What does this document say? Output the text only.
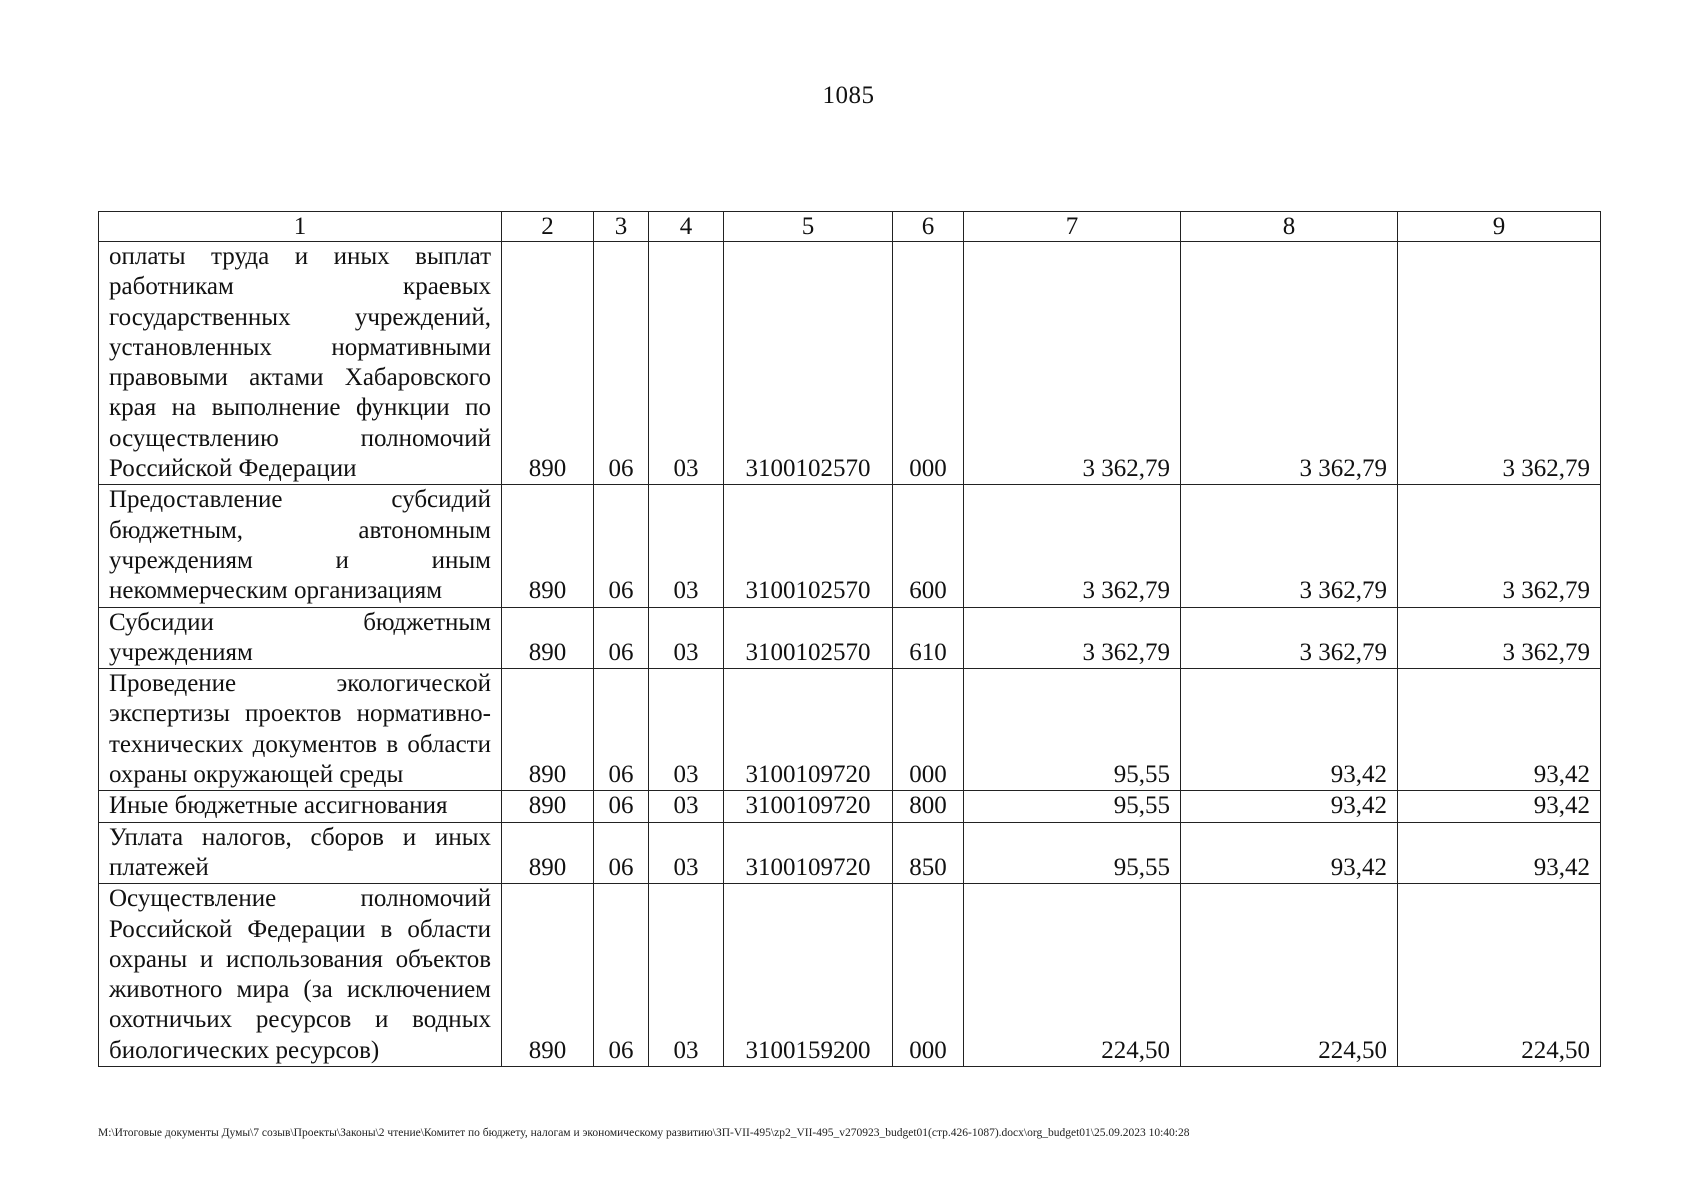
1085
1	2	3	4	5	6	7	8	9
оплаты труда и иных выплат работникам краевых государственных учреждений, установленных нормативными правовыми актами Хабаровского края на выполнение функции по осуществлению полномочий Российской Федерации	890	06	03	3100102570	000	3 362,79	3 362,79	3 362,79
Предоставление субсидий бюджетным, автономным учреждениям и иным некоммерческим организациям	890	06	03	3100102570	600	3 362,79	3 362,79	3 362,79
Субсидии бюджетным учреждениям	890	06	03	3100102570	610	3 362,79	3 362,79	3 362,79
Проведение экологической экспертизы проектов нормативно-технических документов в области охраны окружающей среды	890	06	03	3100109720	000	95,55	93,42	93,42
Иные бюджетные ассигнования	890	06	03	3100109720	800	95,55	93,42	93,42
Уплата налогов, сборов и иных платежей	890	06	03	3100109720	850	95,55	93,42	93,42
Осуществление полномочий Российской Федерации в области охраны и использования объектов животного мира (за исключением охотничьих ресурсов и водных биологических ресурсов)	890	06	03	3100159200	000	224,50	224,50	224,50
M:\Итоговые документы Думы\7 созыв\Проекты\Законы\2 чтение\Комитет по бюджету, налогам и экономическому развитию\ЗП-VII-495\zp2_VII-495_v270923_budget01(стр.426-1087).docx\org_budget01\25.09.2023 10:40:28
